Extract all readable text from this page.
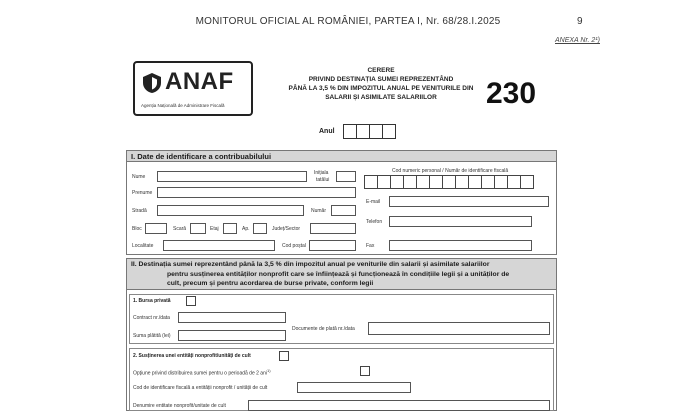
MONITORUL OFICIAL AL ROMÂNIEI, PARTEA I, Nr. 68/28.I.2025	9
ANEXA Nr. 2¹)
ANAF
Agenția Națională de Administrare Fiscală
CERERE
PRIVIND DESTINAȚIA SUMEI REPREZENTÂND
PÂNĂ LA 3,5 % DIN IMPOZITUL ANUAL PE VENITURILE DIN
SALARII ȘI ASIMILATE SALARIILOR	230
Anul
I. Date de identificare a contribuabilului
Nume
Inițiala
tatălui
Cod numeric personal / Număr de identificare fiscală
Prenume
E-mail
Stradă	Număr
Telefon
Bloc	Scară	Etaj	Ap.	Județ/Sector
Localitate	Cod poștal	Fax
II. Destinația sumei reprezentând până la 3,5 % din impozitul anual pe veniturile din salarii și asimilate salariilor
pentru susținerea entităților nonprofit care se înființează și funcționează în condițiile legii și a unităților de
cult, precum și pentru acordarea de burse private, conform legii
1. Bursa privată
Contract nr./data
Suma plătită (lei)
Documente de plată nr./data
2. Susținerea unei entități nonprofit/unități de cult
Opțiune privind distribuirea sumei pentru o perioadă de 2 ani$^{1)}$
Cod de identificare fiscală a entității nonprofit / unității de cult
Denumire entitate nonprofit/unitate de cult
